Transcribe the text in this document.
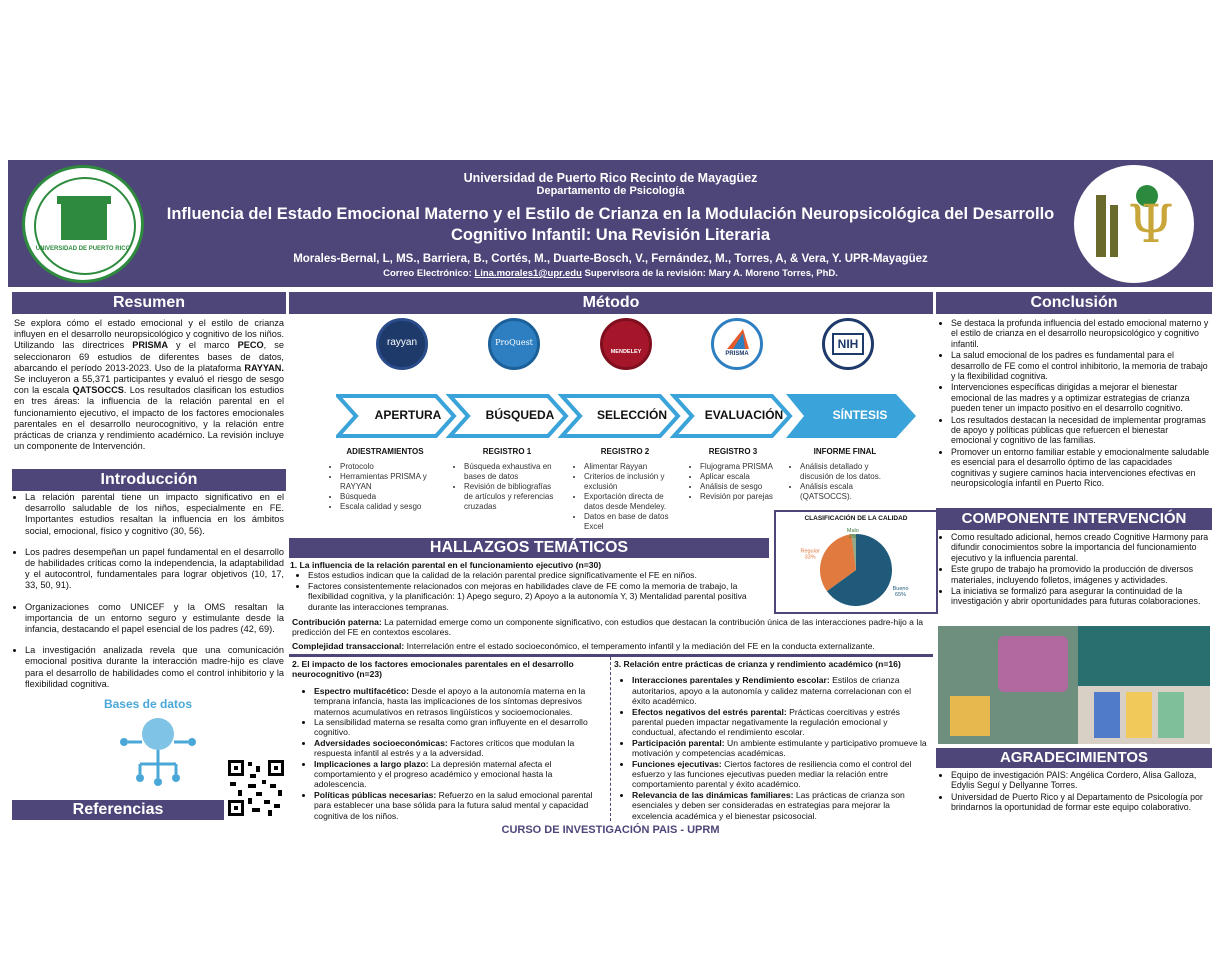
UNIVERSIDAD DE PUERTO RICO
Universidad de Puerto Rico Recinto de Mayagüez
Departamento de Psicología
Influencia del Estado Emocional Materno y el Estilo de Crianza en la Modulación Neuropsicológica del Desarrollo Cognitivo Infantil: Una Revisión Literaria
Morales-Bernal, L, MS., Barriera, B., Cortés, M., Duarte-Bosch, V., Fernández, M., Torres, A, & Vera, Y. UPR-Mayagüez
Correo Electrónico: Lina.morales1@upr.edu Supervisora de la revisión: Mary A. Moreno Torres, PhD.
Ψ
Resumen
Se explora cómo el estado emocional y el estilo de crianza influyen en el desarrollo neuropsicológico y cognitivo de los niños. Utilizando las directrices PRISMA y el marco PECO, se seleccionaron 69 estudios de diferentes bases de datos, abarcando el período 2013-2023. Uso de la plataforma RAYYAN. Se incluyeron a 55,371 participantes y evaluó el riesgo de sesgo con la escala QATSOCCS. Los resultados clasifican los estudios en tres áreas: la influencia de la relación parental en el funcionamiento ejecutivo, el impacto de los factores emocionales parentales en el desarrollo neurocognitivo, y la relación entre prácticas de crianza y rendimiento académico. La revisión incluye un componente de Intervención.
Introducción
• La relación parental tiene un impacto significativo en el desarrollo saludable de los niños, especialmente en FE. Importantes estudios resaltan la influencia en los ámbitos social, emocional, físico y cognitivo (30, 56).
• Los padres desempeñan un papel fundamental en el desarrollo de habilidades críticas como la independencia, la adaptabilidad y el autocontrol, fundamentales para lograr objetivos (10, 17, 33, 50, 91).
• Organizaciones como UNICEF y la OMS resaltan la importancia de un entorno seguro y estimulante desde la infancia, destacando el papel esencial de los padres (42, 69).
• La investigación analizada revela que una comunicación emocional positiva durante la interacción madre-hijo es clave para el desarrollo de habilidades como el control inhibitorio y la flexibilidad cognitiva.
Bases de datos
Referencias
Método
rayyan	ProQuest
MENDELEY	PRISMA
NIH
APERTURA	BÚSQUEDA	SELECCIÓN	EVALUACIÓN	SÍNTESIS
ADIESTRAMIENTOS	REGISTRO 1	REGISTRO 2	REGISTRO 3	INFORME FINAL
• Protocolo
• Herramientas PRISMA y RAYYAN
• Búsqueda
• Escala calidad y sesgo
• Búsqueda exhaustiva en bases de datos
• Revisión de bibliografías de artículos y referencias cruzadas
• Alimentar Rayyan
• Criterios de inclusión y exclusión
• Exportación directa de datos desde Mendeley.
• Datos en base de datos Excel
• Flujograma PRISMA
• Aplicar escala
• Análisis de sesgo
• Revisión por parejas
• Análisis detallado y discusión de los datos.
• Análisis escala (QATSOCCS).
HALLAZGOS TEMÁTICOS
CLASIFICACIÓN DE LA CALIDAD
Bueno 65%
Regular 33%
Malo 2%
1. La influencia de la relación parental en el funcionamiento ejecutivo (n=30)
• Estos estudios indican que la calidad de la relación parental predice significativamente el FE en niños.
• Factores consistentemente relacionados con mejoras en habilidades clave de FE como la memoria de trabajo, la flexibilidad cognitiva, y la planificación: 1) Apego seguro, 2) Apoyo a la autonomía Y, 3) Mentalidad parental positiva durante las interacciones tempranas.
Contribución paterna: La paternidad emerge como un componente significativo, con estudios que destacan la contribución única de las interacciones padre-hijo a la predicción del FE en contextos escolares.
Complejidad transaccional: Interrelación entre el estado socioeconómico, el temperamento infantil y la mediación del FE en la conducta externalizante.
2. El impacto de los factores emocionales parentales en el desarrollo neurocognitivo (n=23)
• Espectro multifacético: Desde el apoyo a la autonomía materna en la temprana infancia, hasta las implicaciones de los síntomas depresivos maternos acumulativos en retrasos lingüísticos y socioemocionales.
• La sensibilidad materna se resalta como gran influyente en el desarrollo cognitivo.
• Adversidades socioeconómicas: Factores críticos que modulan la respuesta infantil al estrés y a la adversidad.
• Implicaciones a largo plazo: La depresión maternal afecta el comportamiento y el progreso académico y emocional hasta la adolescencia.
• Políticas públicas necesarias: Refuerzo en la salud emocional parental para establecer una base sólida para la futura salud mental y capacidad cognitiva de los niños.
3. Relación entre prácticas de crianza y rendimiento académico (n=16)
• Interacciones parentales y Rendimiento escolar: Estilos de crianza autoritarios, apoyo a la autonomía y calidez materna correlacionan con el éxito académico.
• Efectos negativos del estrés parental: Prácticas coercitivas y estrés parental pueden impactar negativamente la regulación emocional y conductual, afectando el rendimiento escolar.
• Participación parental: Un ambiente estimulante y participativo promueve la motivación y competencias académicas.
• Funciones ejecutivas: Ciertos factores de resiliencia como el control del esfuerzo y las funciones ejecutivas pueden mediar la relación entre comportamiento parental y éxito académico.
• Relevancia de las dinámicas familiares: Las prácticas de crianza son esenciales y deben ser consideradas en estrategias para mejorar la excelencia académica y el bienestar psicosocial.
Conclusión
• Se destaca la profunda influencia del estado emocional materno y el estilo de crianza en el desarrollo neuropsicológico y cognitivo infantil.
• La salud emocional de los padres es fundamental para el desarrollo de FE como el control inhibitorio, la memoria de trabajo y la flexibilidad cognitiva.
• Intervenciones específicas dirigidas a mejorar el bienestar emocional de las madres y a optimizar estrategias de crianza pueden tener un impacto positivo en el desarrollo cognitivo.
• Los resultados destacan la necesidad de implementar programas de apoyo y políticas públicas que refuercen el bienestar emocional y cognitivo de las familias.
• Promover un entorno familiar estable y emocionalmente saludable es esencial para el desarrollo óptimo de las capacidades cognitivas y sugiere caminos hacia intervenciones efectivas en neuropsicología infantil en Puerto Rico.
COMPONENTE INTERVENCIÓN
• Como resultado adicional, hemos creado Cognitive Harmony para difundir conocimientos sobre la importancia del funcionamiento ejecutivo y la influencia parental.
• Este grupo de trabajo ha promovido la producción de diversos materiales, incluyendo folletos, imágenes y actividades.
• La iniciativa se formalizó para asegurar la continuidad de la investigación y abrir oportunidades para futuras colaboraciones.
AGRADECIMIENTOS
• Equipo de investigación PAIS: Angélica Cordero, Alisa Galloza, Edylis Seguí y Dellyanne Torres.
• Universidad de Puerto Rico y al Departamento de Psicología por brindarnos la oportunidad de formar este equipo colaborativo.
CURSO DE INVESTIGACIÓN PAIS - UPRM
